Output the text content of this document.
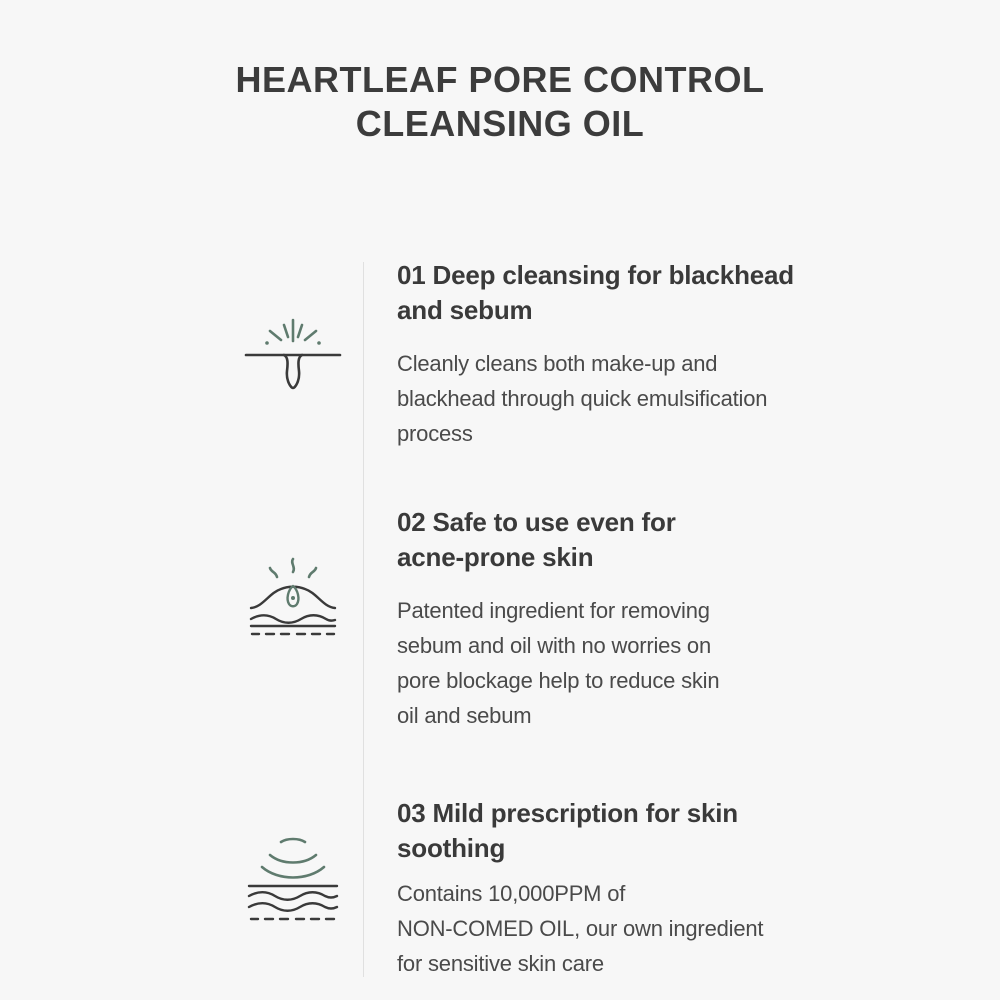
HEARTLEAF PORE CONTROL
CLEANSING OIL
01 Deep cleansing for blackhead
and sebum

Cleanly cleans both make-up and
blackhead through quick emulsification
process

02 Safe to use even for
acne-prone skin

Patented ingredient for removing
sebum and oil with no worries on
pore blockage help to reduce skin
oil and sebum

03 Mild prescription for skin
soothing

Contains 10,000PPM of
NON-COMED OIL, our own ingredient
for sensitive skin care
